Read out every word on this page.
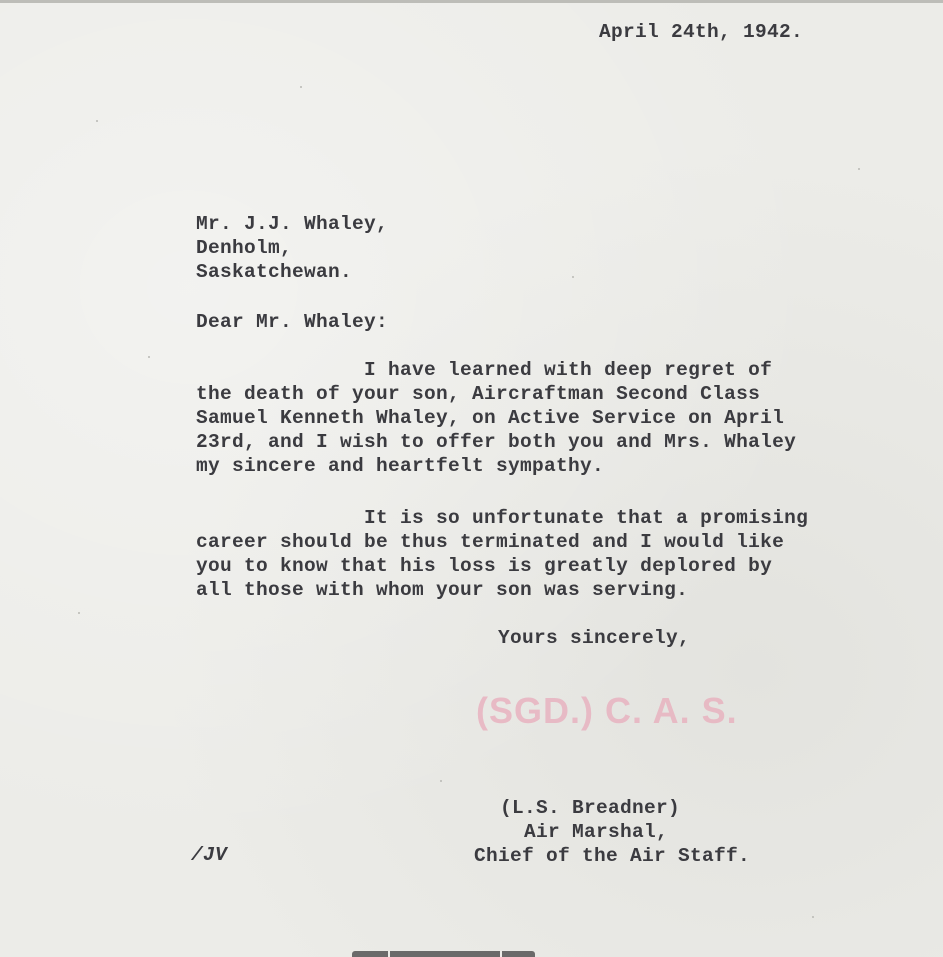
April 24th, 1942.
Mr. J.J. Whaley,
Denholm,
Saskatchewan.
Dear Mr. Whaley:
I have learned with deep regret of
the death of your son, Aircraftman Second Class
Samuel Kenneth Whaley, on Active Service on April
23rd, and I wish to offer both you and Mrs. Whaley
my sincere and heartfelt sympathy.
It is so unfortunate that a promising
career should be thus terminated and I would like
you to know that his loss is greatly deplored by
all those with whom your son was serving.
Yours sincerely,
(SGD.) C. A. S.
(L.S. Breadner)
Air Marshal,
Chief of the Air Staff.
/JV
